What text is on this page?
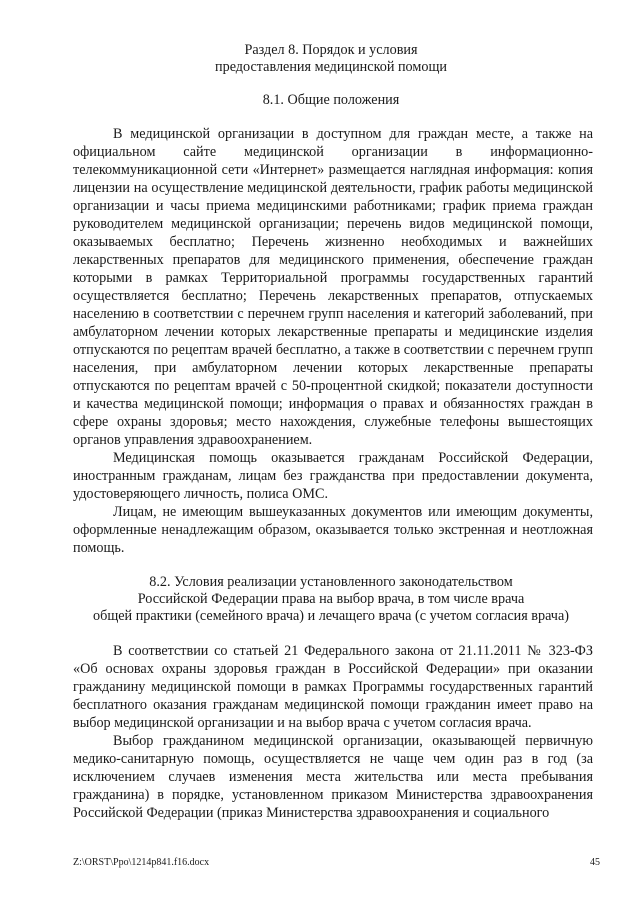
Раздел 8. Порядок и условия
предоставления медицинской помощи
8.1. Общие положения

В медицинской организации в доступном для граждан месте, а также на официальном сайте медицинской организации в информационно-телекоммуникационной сети «Интернет» размещается наглядная информация: копия лицензии на осуществление медицинской деятельности, график работы медицинской организации и часы приема медицинскими работниками; график приема граждан руководителем медицинской организации; перечень видов медицинской помощи, оказываемых бесплатно; Перечень жизненно необходимых и важнейших лекарственных препаратов для медицинского применения, обеспечение граждан которыми в рамках Территориальной программы государственных гарантий осуществляется бесплатно; Перечень лекарственных препаратов, отпускаемых населению в соответствии с перечнем групп населения и категорий заболеваний, при амбулаторном лечении которых лекарственные препараты и медицинские изделия отпускаются по рецептам врачей бесплатно, а также в соответствии с перечнем групп населения, при амбулаторном лечении которых лекарственные препараты отпускаются по рецептам врачей с 50-процентной скидкой; показатели доступности и качества медицинской помощи; информация о правах и обязанностях граждан в сфере охраны здоровья; место нахождения, служебные телефоны вышестоящих органов управления здравоохранением.

Медицинская помощь оказывается гражданам Российской Федерации, иностранным гражданам, лицам без гражданства при предоставлении документа, удостоверяющего личность, полиса ОМС.

Лицам, не имеющим вышеуказанных документов или имеющим документы, оформленные ненадлежащим образом, оказывается только экстренная и неотложная помощь.

8.2. Условия реализации установленного законодательством
Российской Федерации права на выбор врача, в том числе врача
общей практики (семейного врача) и лечащего врача (с учетом согласия врача)

В соответствии со статьей 21 Федерального закона от 21.11.2011 № 323-ФЗ «Об основах охраны здоровья граждан в Российской Федерации» при оказании гражданину медицинской помощи в рамках Программы государственных гарантий бесплатного оказания гражданам медицинской помощи гражданин имеет право на выбор медицинской организации и на выбор врача с учетом согласия врача.

Выбор гражданином медицинской организации, оказывающей первичную медико-санитарную помощь, осуществляется не чаще чем один раз в год (за исключением случаев изменения места жительства или места пребывания гражданина) в порядке, установленном приказом Министерства здравоохранения Российской Федерации (приказ Министерства здравоохранения и социального

Z:\ORST\Ppo\1214p841.f16.docx	45
